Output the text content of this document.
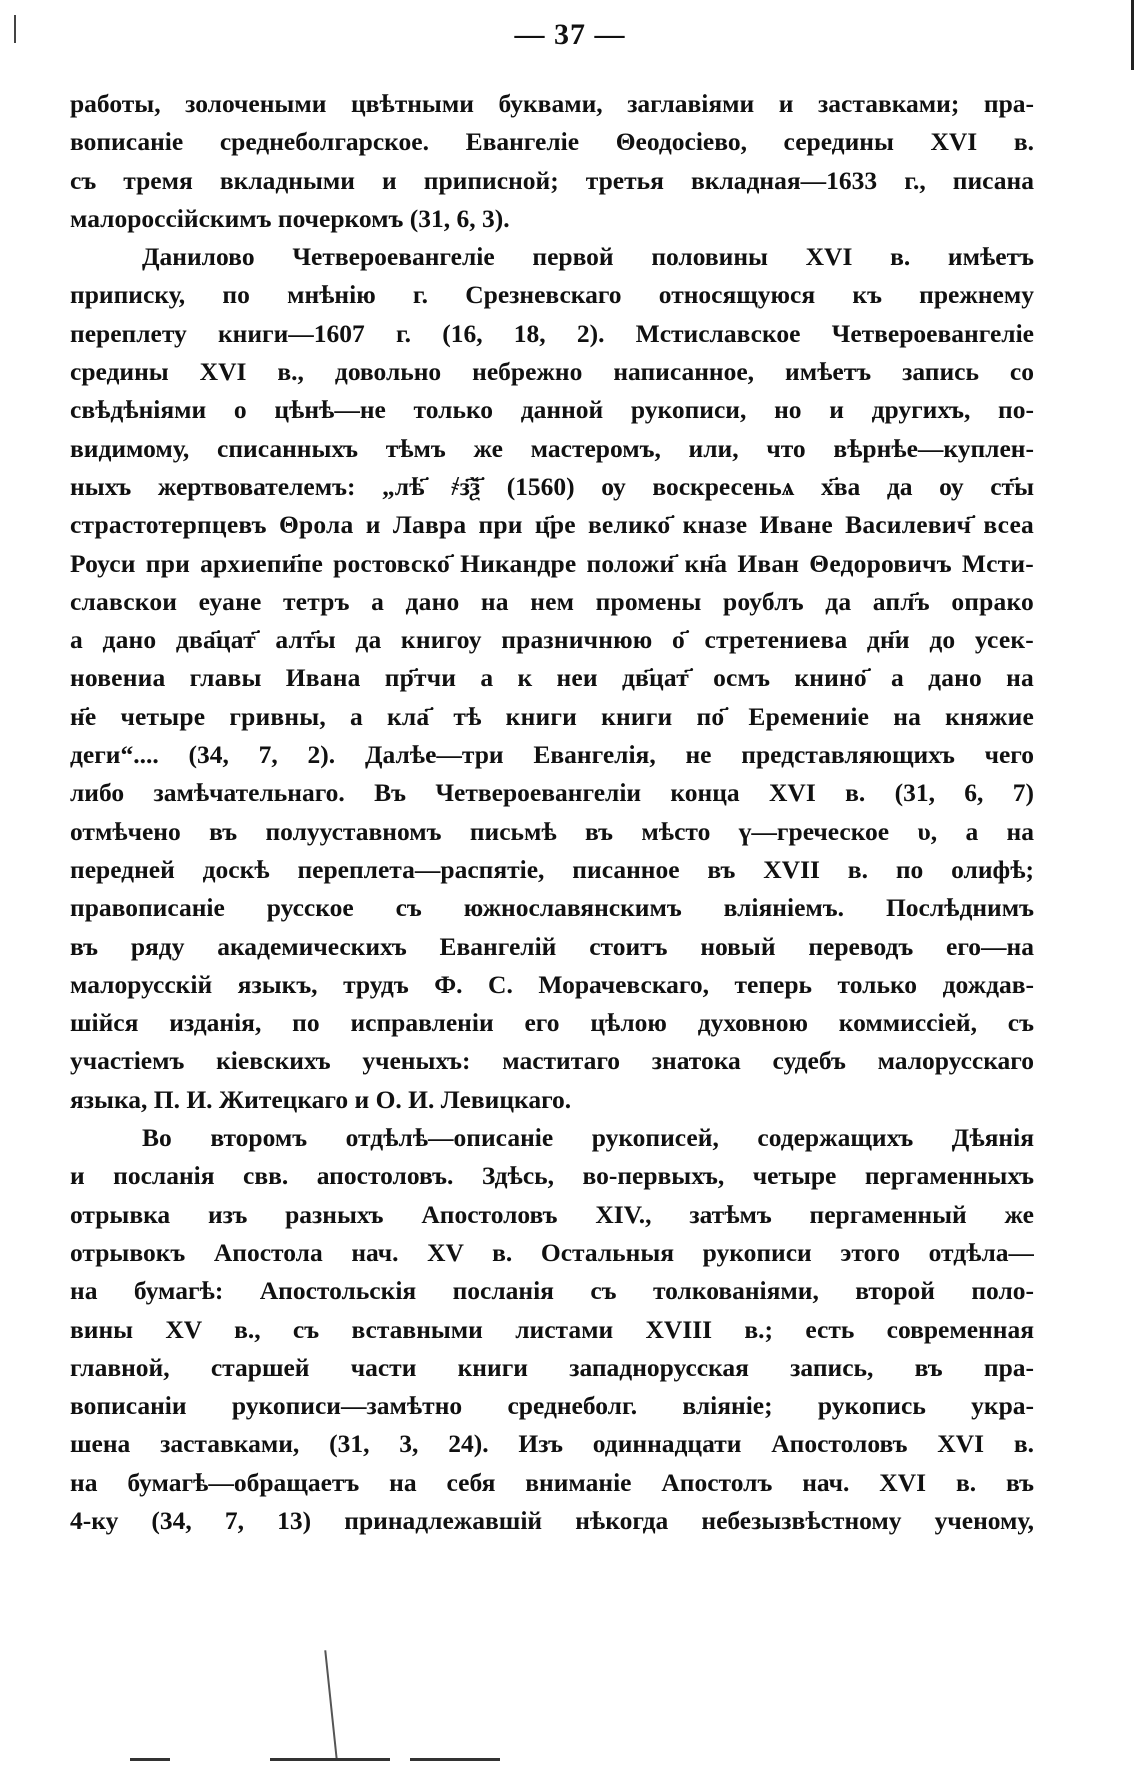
— 37 —
работы, золочеными цвѣтными буквами, заглавіями и заставками; пра-
вописаніе среднеболгарское. Евангеліе Θеодосіево, середины XVI в.
съ тремя вкладными и приписной; третья вкладная—1633 г., писана
малороссійскимъ почеркомъ (31, 6, 3).
Даниловo Четвероевангеліе первой половины XVI в. имѣетъ
приписку, по мнѣнію г. Срезневскаго относящуюся къ прежнему
переплету книги—1607 г. (16, 18, 2). Мстиславское Четвероевангеліе
средины XVI в., довольно небрежно написанное, имѣетъ запись со
свѣдѣніями о цѣнѣ—не только данной рукописи, но и другихъ, по-
видимому, списанныхъ тѣмъ же мастеромъ, или, что вѣрнѣе—куплен-
ныхъ жертвователемъ: „лѣ҃ ҂з҃ѯ҃ (1560) оу воскресеньѧ х҃ва да оу ст҃ы
страстотерпцевъ Θрола и Лавра при ц҃ре велико҃ кназе Иване Василевич҃ всеа
Роуси при архиепи҃пе ростовско҃ Никандре положи҃ кн҃а Иван Θедоровичъ Мсти-
славскои еуане тетръ а дано на нем промены роублъ да апл҃ъ опрако
а дано два҃цат҃ алт҃ы да книгоу празничнюю о҃ стретениева дн҃и до усек-
новениа главы Ивана пр҃тчи а к неи дв҃цат҃ осмъ книно҃ а дано на
н҃е четыре гривны, а кла҃ тѣ книги книги по҃ Еремениie на княжие
деги“.... (34, 7, 2). Далѣе—три Евангелія, не представляющихъ чего
либо замѣчательнаго. Въ Четвероевангеліи конца XVI в. (31, 6, 7)
отмѣчено въ полууставномъ письмѣ въ мѣсто ү—греческое υ, а на
передней доскѣ переплета—распятіе, писанное въ XVII в. по олифѣ;
правописаніе русское съ южнославянскимъ вліяніемъ. Послѣднимъ
въ ряду академическихъ Евангелій стоитъ новый переводъ его—на
малорусскій языкъ, трудъ Ф. С. Морачевскаго, теперь только дождав-
шійся изданія, по исправленіи его цѣлою духовною коммиссіей, съ
участіемъ кіевскихъ ученыхъ: маститаго знатока судебъ малорусскаго
языка, П. И. Житецкаго и О. И. Левицкаго.
Во второмъ отдѣлѣ—описаніе рукописей, содержащихъ Дѣянія
и посланія свв. апостоловъ. Здѣсь, во-первыхъ, четыре пергаменныхъ
отрывка изъ разныхъ Апостоловъ XIV., затѣмъ пергаменный же
отрывокъ Апостола нач. XV в. Остальныя рукописи этого отдѣла—
на бумагѣ: Апостольскія посланія съ толкованіями, второй поло-
вины XV в., съ вставными листами XVIII в.; есть современная
главной, старшей части книги западнорусская запись, въ пра-
вописаніи рукописи—замѣтно среднеболг. вліяніе; рукопись укра-
шена заставками, (31, 3, 24). Изъ одиннадцати Апостоловъ XVI в.
на бумагѣ—обращаетъ на себя вниманіе Апостолъ нач. XVI в. въ
4-ку (34, 7, 13) принадлежавшій нѣкогда небезызвѣстному ученому,
